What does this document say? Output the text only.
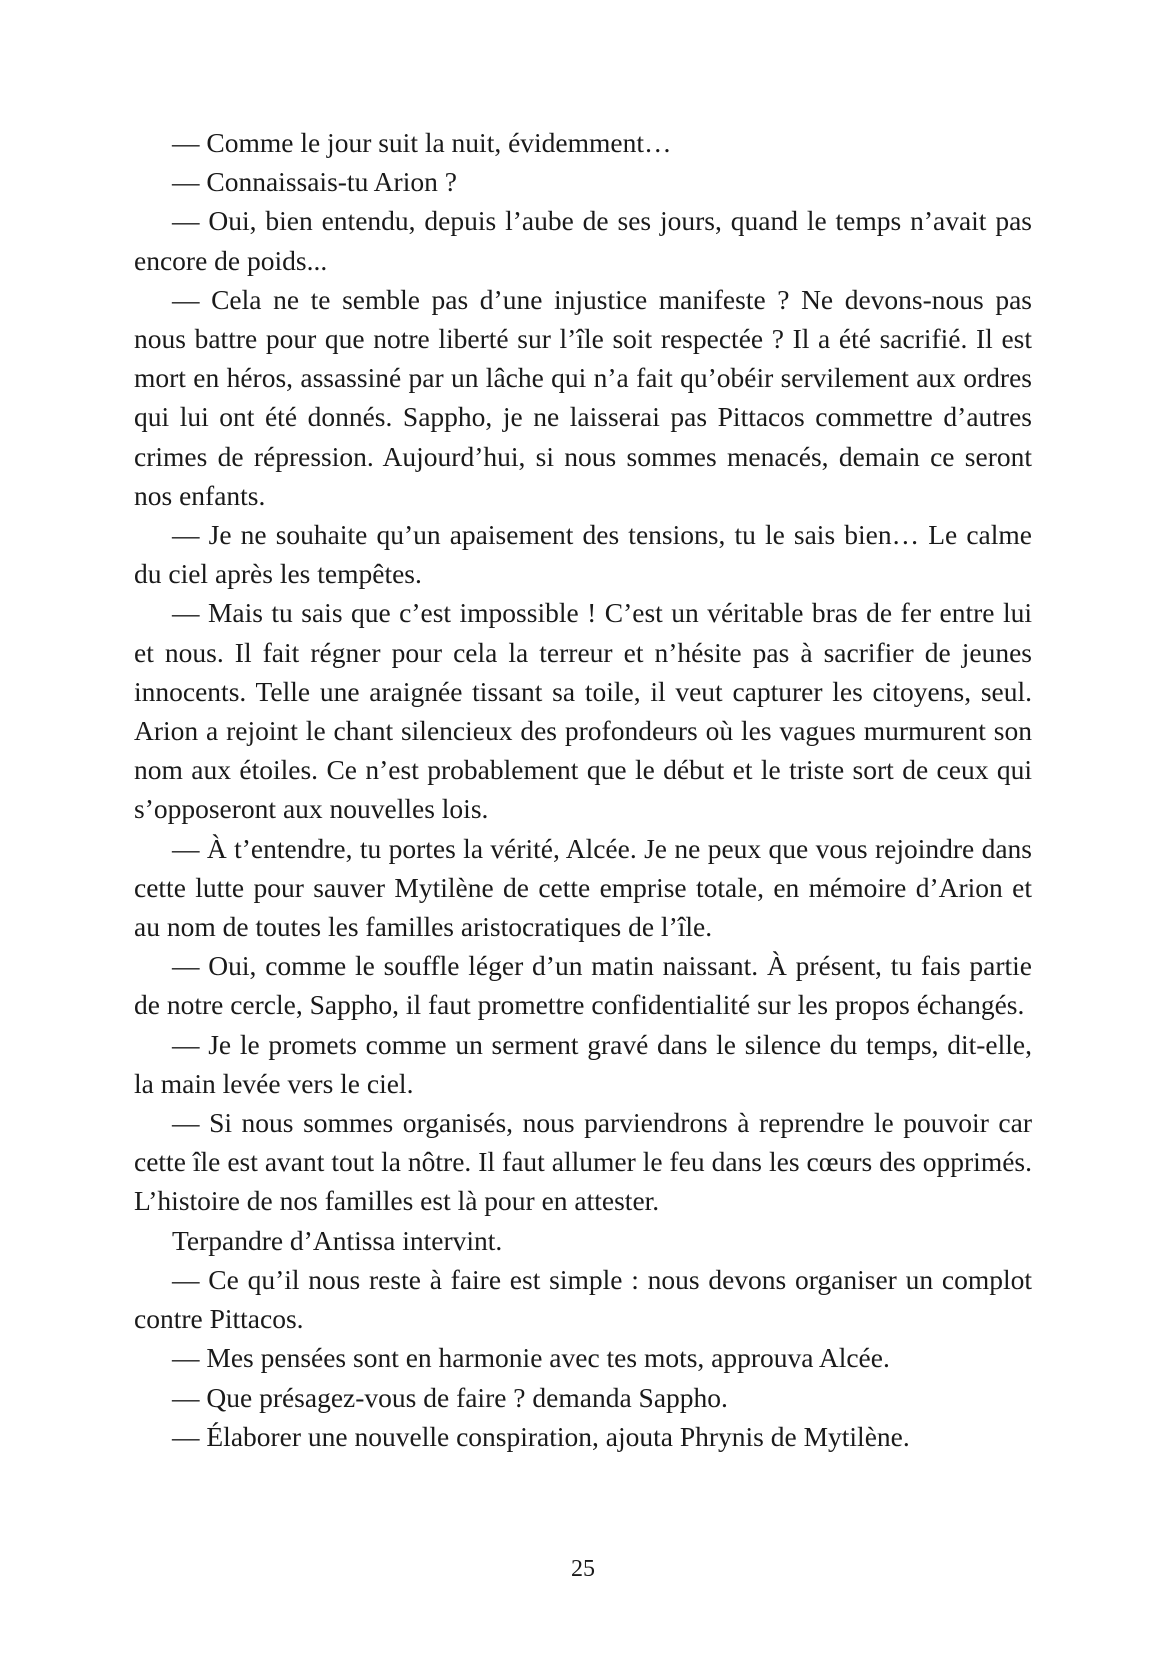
— Comme le jour suit la nuit, évidemment…

— Connaissais-tu Arion ?

— Oui, bien entendu, depuis l’aube de ses jours, quand le temps n’avait pas encore de poids...

— Cela ne te semble pas d’une injustice manifeste ? Ne devons-nous pas nous battre pour que notre liberté sur l’île soit respectée ? Il a été sacrifié. Il est mort en héros, assassiné par un lâche qui n’a fait qu’obéir servilement aux ordres qui lui ont été donnés. Sappho, je ne laisserai pas Pittacos commettre d’autres crimes de répression. Aujourd’hui, si nous sommes menacés, demain ce seront nos enfants.

— Je ne souhaite qu’un apaisement des tensions, tu le sais bien… Le calme du ciel après les tempêtes.

— Mais tu sais que c’est impossible ! C’est un véritable bras de fer entre lui et nous. Il fait régner pour cela la terreur et n’hésite pas à sacrifier de jeunes innocents. Telle une araignée tissant sa toile, il veut capturer les citoyens, seul. Arion a rejoint le chant silencieux des profondeurs où les vagues murmurent son nom aux étoiles. Ce n’est probablement que le début et le triste sort de ceux qui s’opposeront aux nouvelles lois.

— À t’entendre, tu portes la vérité, Alcée. Je ne peux que vous rejoindre dans cette lutte pour sauver Mytilène de cette emprise totale, en mémoire d’Arion et au nom de toutes les familles aristocratiques de l’île.

— Oui, comme le souffle léger d’un matin naissant. À présent, tu fais partie de notre cercle, Sappho, il faut promettre confidentialité sur les propos échangés.

— Je le promets comme un serment gravé dans le silence du temps, dit-elle, la main levée vers le ciel.

— Si nous sommes organisés, nous parviendrons à reprendre le pouvoir car cette île est avant tout la nôtre. Il faut allumer le feu dans les cœurs des opprimés. L’histoire de nos familles est là pour en attester.

Terpandre d’Antissa intervint.

— Ce qu’il nous reste à faire est simple : nous devons organiser un complot contre Pittacos.

— Mes pensées sont en harmonie avec tes mots, approuva Alcée.

— Que présagez-vous de faire ? demanda Sappho.

— Élaborer une nouvelle conspiration, ajouta Phrynis de Mytilène.

25
